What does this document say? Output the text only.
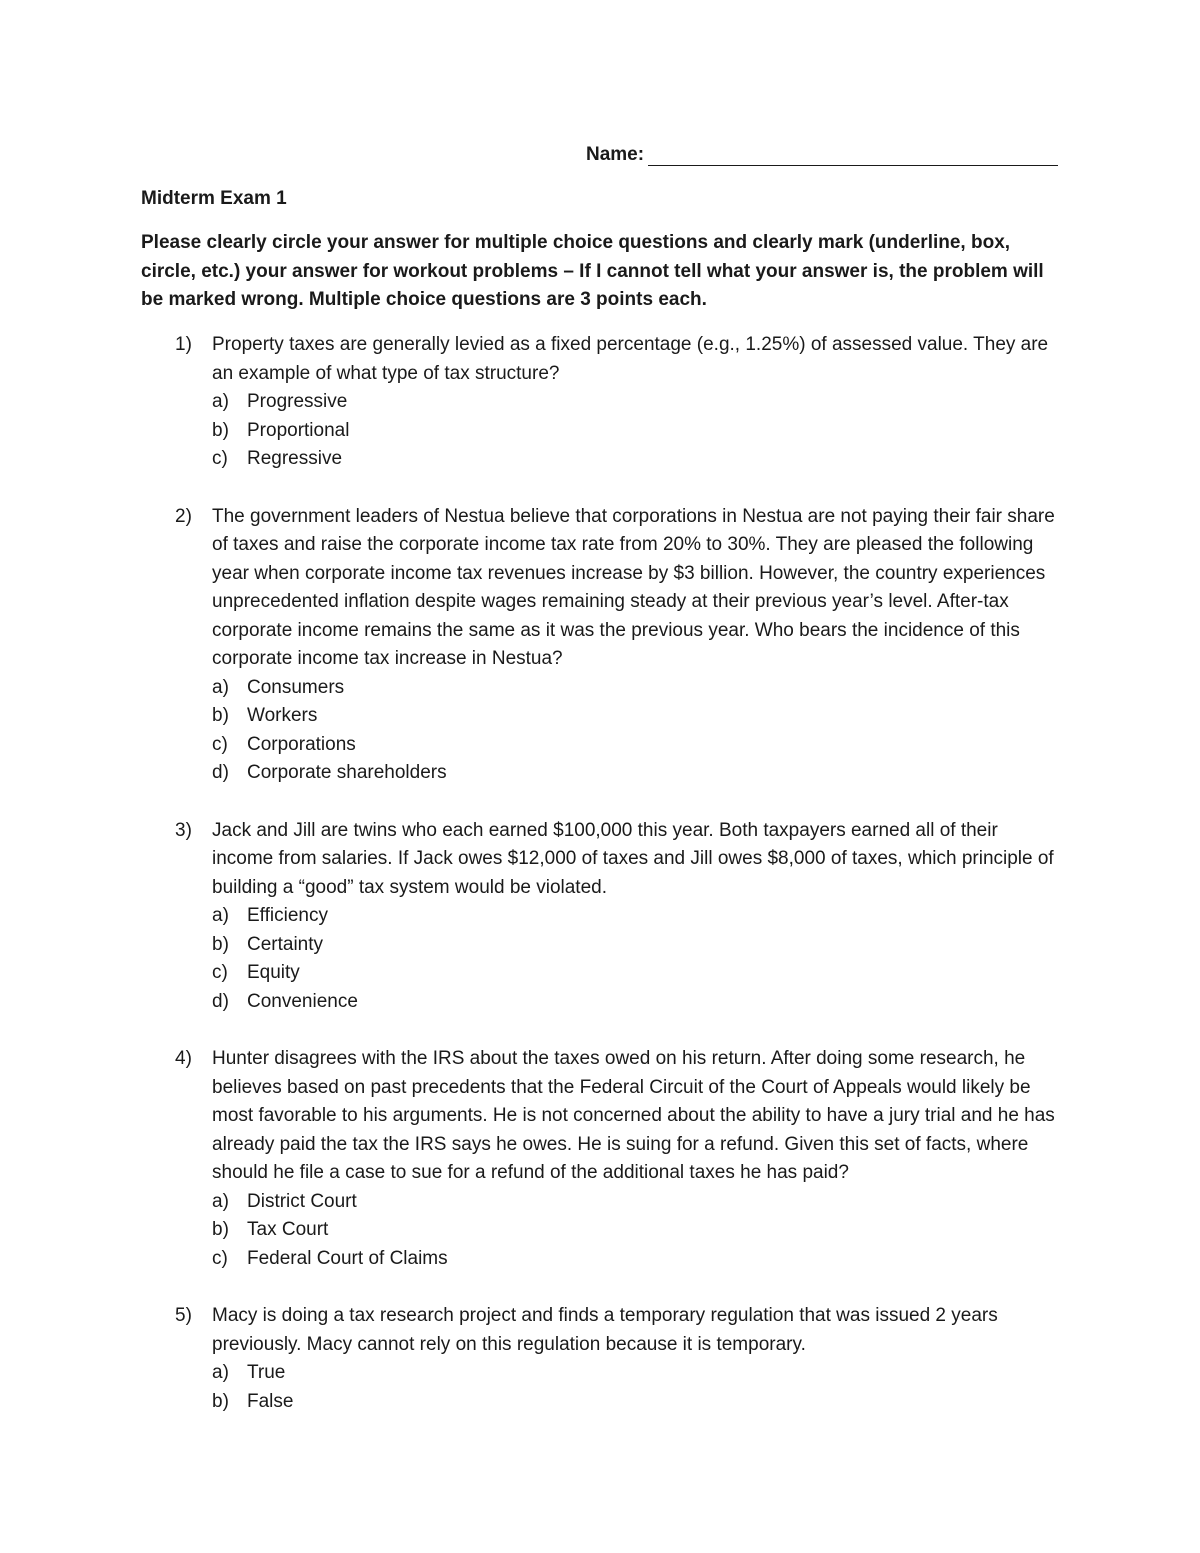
Name:
Midterm Exam 1
Please clearly circle your answer for multiple choice questions and clearly mark (underline, box, circle, etc.) your answer for workout problems – If I cannot tell what your answer is, the problem will be marked wrong. Multiple choice questions are 3 points each.
1) Property taxes are generally levied as a fixed percentage (e.g., 1.25%) of assessed value. They are an example of what type of tax structure?
a) Progressive
b) Proportional
c) Regressive
2) The government leaders of Nestua believe that corporations in Nestua are not paying their fair share of taxes and raise the corporate income tax rate from 20% to 30%. They are pleased the following year when corporate income tax revenues increase by $3 billion. However, the country experiences unprecedented inflation despite wages remaining steady at their previous year’s level. After-tax corporate income remains the same as it was the previous year. Who bears the incidence of this corporate income tax increase in Nestua?
a) Consumers
b) Workers
c) Corporations
d) Corporate shareholders
3) Jack and Jill are twins who each earned $100,000 this year. Both taxpayers earned all of their income from salaries. If Jack owes $12,000 of taxes and Jill owes $8,000 of taxes, which principle of building a “good” tax system would be violated.
a) Efficiency
b) Certainty
c) Equity
d) Convenience
4) Hunter disagrees with the IRS about the taxes owed on his return. After doing some research, he believes based on past precedents that the Federal Circuit of the Court of Appeals would likely be most favorable to his arguments. He is not concerned about the ability to have a jury trial and he has already paid the tax the IRS says he owes. He is suing for a refund. Given this set of facts, where should he file a case to sue for a refund of the additional taxes he has paid?
a) District Court
b) Tax Court
c) Federal Court of Claims
5) Macy is doing a tax research project and finds a temporary regulation that was issued 2 years previously. Macy cannot rely on this regulation because it is temporary.
a) True
b) False
